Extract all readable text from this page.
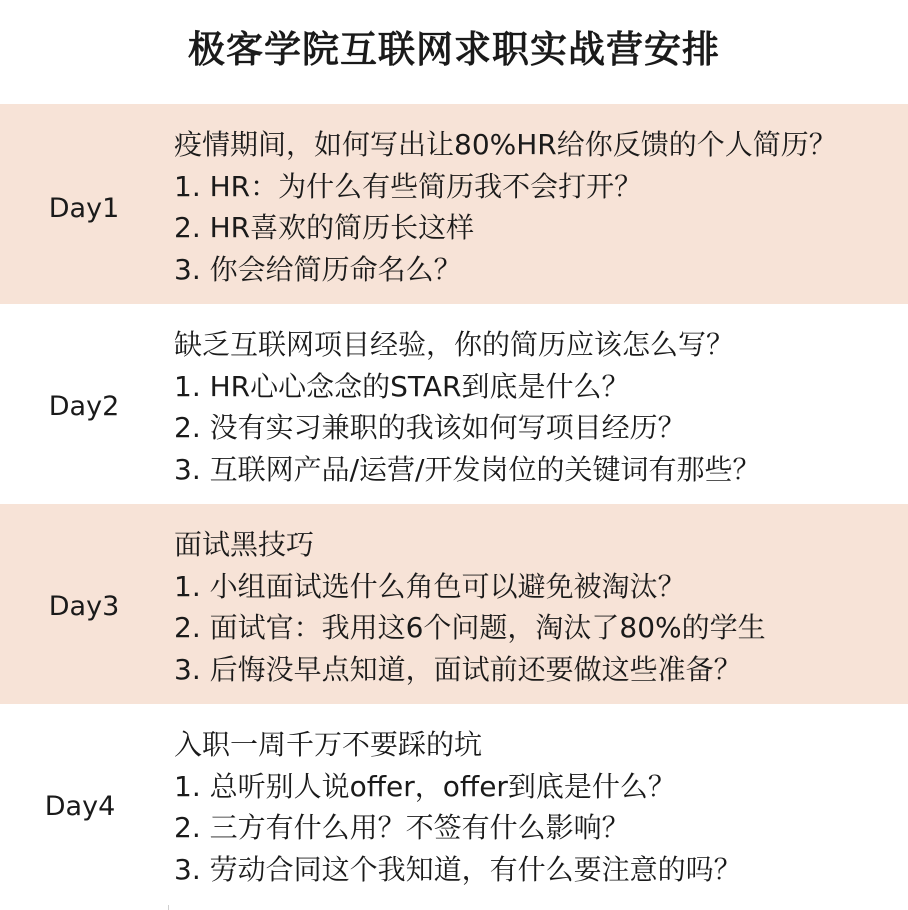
极客学院互联网求职实战营安排
Day1
疫情期间，如何写出让80%HR给你反馈的个人简历？
1. HR：为什么有些简历我不会打开？
2. HR喜欢的简历长这样
3. 你会给简历命名么？
Day2
缺乏互联网项目经验，你的简历应该怎么写？
1. HR心心念念的STAR到底是什么？
2. 没有实习兼职的我该如何写项目经历？
3. 互联网产品/运营/开发岗位的关键词有那些？
Day3
面试黑技巧
1. 小组面试选什么角色可以避免被淘汰？
2. 面试官：我用这6个问题，淘汰了80%的学生
3. 后悔没早点知道，面试前还要做这些准备？
Day4
入职一周千万不要踩的坑
1. 总听别人说offer，offer到底是什么？
2. 三方有什么用？不签有什么影响？
3. 劳动合同这个我知道，有什么要注意的吗？
